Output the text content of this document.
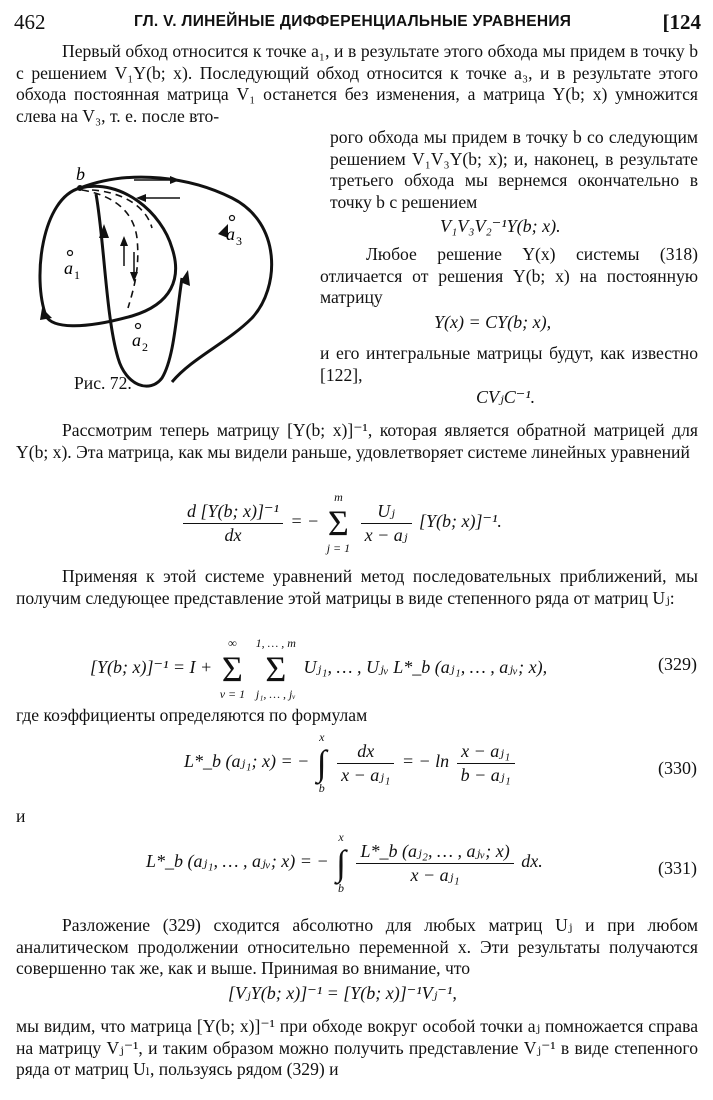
462	ГЛ. V. ЛИНЕЙНЫЕ ДИФФЕРЕНЦИАЛЬНЫЕ УРАВНЕНИЯ	[124

Первый обход относится к точке a₁, и в результате этого обхода мы придем в точку b с решением V₁Y(b; x). Последующий обход относится к точке a₃, и в результате этого обхода постоянная матрица V₁ останется без изменения, а матрица Y(b; x) умножится слева на V₃, т. е. после вто-

рого обхода мы придем в точку b со следующим решением V₁V₃Y(b; x); и, наконец, в результате третьего обхода мы вернемся окончательно в точку b с решением

b
a 1
a 2
a 3
Рис. 72.
V₁V₃V₂⁻¹Y(b; x).

Любое решение Y(x) системы (318) отличается от решения Y(b; x) на постоянную матрицу

Y(x) = CY(b; x),

и его интегральные матрицы будут, как известно [122],

CVⱼC⁻¹.

Рассмотрим теперь матрицу [Y(b; x)]⁻¹, которая является обратной матрицей для Y(b; x). Эта матрица, как мы видели раньше, удовлетворяет системе линейных уравнений

$\frac{\text{d [Y(b; x)]⁻¹}}{dx}$ = − m
Σ
j = 1
$\frac{\text{Uⱼ}}{\text{x − aⱼ}} [Y(b$; x)]⁻¹.

Применяя к этой системе уравнений метод последовательных приближений, мы получим следующее представление этой матрицы в виде степенного ряда от матриц Uⱼ:

[Y(b; x)]⁻¹ = I + ∞
Σ
ν = 1 1, … , m
Σ
j₁, … , jᵥ Uⱼ₁, … , Uⱼᵥ L*_b (aⱼ₁, … , aⱼᵥ; x),	(329)

где коэффициенты определяются по формулам

L*_b (aⱼ₁; x) = − x
∫
b
$\frac{dx}{\text{x − aⱼ₁}}$ = − $\ln \frac{\text{x − aⱼ₁}}{\text{b − aⱼ₁}}$	(330)
и
L*_b (aⱼ₁, … , aⱼᵥ; x) = − x
∫
b
$\frac{\text{L*\_b (aⱼ₂, … , aⱼᵥ; x)}}{\text{x − aⱼ₁}}$ dx.	(331)

Разложение (329) сходится абсолютно для любых матриц Uⱼ и при любом аналитическом продолжении относительно переменной x. Эти результаты получаются совершенно так же, как и выше. Принимая во внимание, что

[VⱼY(b; x)]⁻¹ = [Y(b; x)]⁻¹Vⱼ⁻¹,

мы видим, что матрица [Y(b; x)]⁻¹ при обходе вокруг особой точки aⱼ помножается справа на матрицу Vⱼ⁻¹, и таким образом можно получить представление Vⱼ⁻¹ в виде степенного ряда от матриц Uₗ, пользуясь рядом (329) и
